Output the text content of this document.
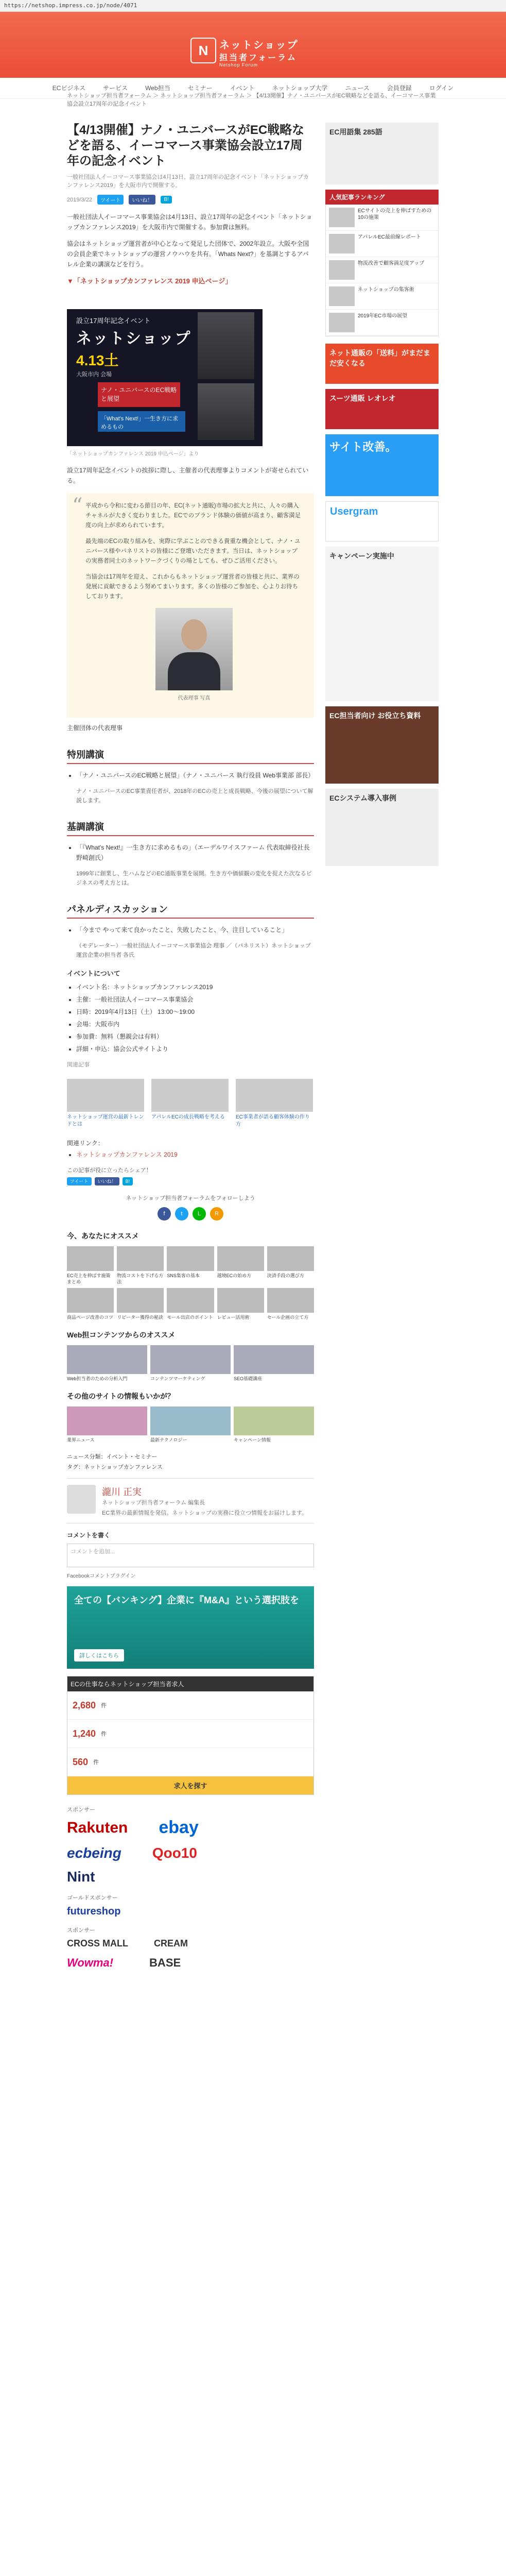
https://netshop.impress.co.jp/node/4071
N	ネットショップ
担当者フォーラム
Netshop Forum
ECビジネス	サービス	Web担当	セミナー	イベント	ネットショップ大学	ニュース	会員登録	ログイン
ネットショップ担当者フォーラム ＞ ネットショップ担当者フォーラム ＞ 【4/13開催】ナノ・ユニバースがEC戦略などを語る、イーコマース事業協会設立17周年の記念イベント
【4/13開催】ナノ・ユニバースがEC戦略などを語る、イーコマース事業協会設立17周年の記念イベント

一般社団法人イーコマース事業協会は4月13日、設立17周年の記念イベント「ネットショップカンファレンス2019」を大阪市内で開催する。

2019/3/22	ツイート	いいね！	B!

一般社団法人イーコマース事業協会は4月13日、設立17周年の記念イベント「ネットショップカンファレンス2019」を大阪市内で開催する。参加費は無料。

協会はネットショップ運営者が中心となって発足した団体で、2002年設立。大阪や全国の会員企業でネットショップの運営ノウハウを共有。「Whats Next?」を基調とするアパレル企業の講演などを行う。

▼「ネットショップカンファレンス 2019 申込ページ」
設立17周年記念イベント
ネットショップ
4.13土
大阪市内 会場
ナノ・ユニバースのEC戦略と展望
「What's Next!」一生き方に求めるもの
「ネットショップカンファレンス 2019 申込ページ」より

設立17周年記念イベントの挨拶に際し、主催者の代表理事よりコメントが寄せられている。

“ 平成から令和に変わる節目の年、EC(ネット通販)市場の拡大と共に、人々の購入チャネルが大きく変わりました。ECでのブランド体験の価値が高まり、顧客満足度の向上が求められています。

最先端のECの取り組みを、実際に学ぶことのできる貴重な機会として、ナノ・ユニバース様やパネリストの皆様にご登壇いただきます。当日は、ネットショップの実務者同士のネットワークづくりの場としても、ぜひご活用ください。

当協会は17周年を迎え、これからもネットショップ運営者の皆様と共に、業界の発展に貢献できるよう努めてまいります。多くの皆様のご参加を、心よりお待ちしております。

代表理事 写真

主催団体の代表理事

特別講演
• 「ナノ・ユニバースのEC戦略と展望」（ナノ・ユニバース 執行役員 Web事業部 部長）

ナノ・ユニバースのEC事業責任者が、2018年のECの売上と成長戦略、今後の展望について解説します。

基調講演
• 「『What's Next!』一生き方に求めるもの」（エーデルワイスファーム 代表取締役社長 野崎創氏）

1999年に創業し、生ハムなどのEC通販事業を展開。生き方や価値観の変化を捉えた次なるビジネスの考え方とは。

パネルディスカッション
• 「今まで やって来て良かったこと、失敗したこと、今、注目していること」

（モデレーター）一般社団法人イーコマース事業協会 理事 ／（パネリスト）ネットショップ運営企業の担当者 各氏

イベントについて
• イベント名：ネットショップカンファレンス2019
• 主催：一般社団法人イーコマース事業協会
• 日時：2019年4月13日（土） 13:00〜19:00
• 会場：大阪市内
• 参加費：無料（懇親会は有料）
• 詳細・申込：協会公式サイトより
関連記事
ネットショップ運営の最新トレンドとは
アパレルECの成長戦略を考える	EC事業者が語る顧客体験の作り方
関連リンク：
• ネットショップカンファレンス 2019
この記事が役に立ったらシェア！
ツイート	いいね！	B!
ネットショップ担当者フォーラムをフォローしよう
f	t	L	R
今、あなたにオススメ
EC売上を伸ばす施策まとめ
物流コストを下げる方法
SNS集客の基本	越境ECの始め方	決済手段の選び方
商品ページ改善のコツ リピーター獲得の秘訣 モール出店のポイント レビュー活用術	セール企画の立て方
Web担コンテンツからのオススメ
Web担当者のための分析入門	コンテンツマーケティング	SEO基礎講座
その他のサイトの情報もいかが？
業界ニュース	最新テクノロジー	キャンペーン情報
ニュース分類：イベント・セミナー
タグ：ネットショップカンファレンス
瀧川 正実
ネットショップ担当者フォーラム 編集長
EC業界の最新情報を発信。ネットショップの実務に役立つ情報をお届けします。
コメントを書く
コメントを追加...
Facebookコメントプラグイン
全ての【バンキング】企業に『M&A』という選択肢を
詳しくはこちら
ECの仕事ならネットショップ担当者求人
2,680 件
1,240 件
560 件
求人を探す
スポンサー
Rakuten ebay
ecbeing Qoo10
Nint
ゴールドスポンサー
futureshop
スポンサー
CROSS MALL	CREAM
Wowma!	BASE
EC用語集 285語
人気記事ランキング
ECサイトの売上を伸ばすための10の施策
アパレルEC最前線レポート
物流改善で顧客満足度アップ
ネットショップの集客術
2019年EC市場の展望
ネット通販の「送料」がまだまだ安くなる
スーツ通販 レオレオ
サイト改善。
Usergram
キャンペーン実施中
EC担当者向け お役立ち資料
ECシステム導入事例
